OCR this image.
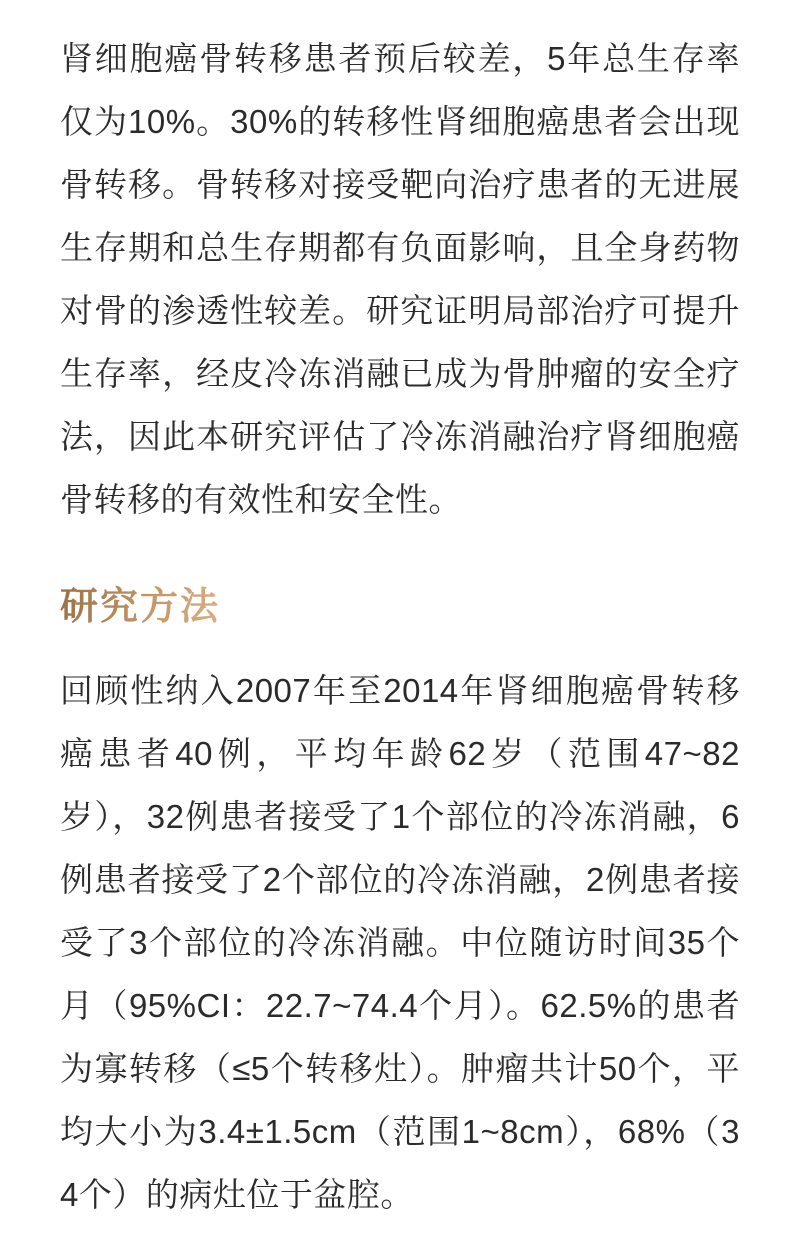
肾细胞癌骨转移患者预后较差，5年总生存率仅为10%。30%的转移性肾细胞癌患者会出现骨转移。骨转移对接受靶向治疗患者的无进展生存期和总生存期都有负面影响，且全身药物对骨的渗透性较差。研究证明局部治疗可提升生存率，经皮冷冻消融已成为骨肿瘤的安全疗法，因此本研究评估了冷冻消融治疗肾细胞癌骨转移的有效性和安全性。

研究方法

回顾性纳入2007年至2014年肾细胞癌骨转移癌患者40例，平均年龄62岁（范围47~82岁），32例患者接受了1个部位的冷冻消融，6例患者接受了2个部位的冷冻消融，2例患者接受了3个部位的冷冻消融。中位随访时间35个月（95%CI：22.7~74.4个月）。62.5%的患者为寡转移（≤5个转移灶）。肿瘤共计50个，平均大小为3.4±1.5cm（范围1~8cm），68%（34个）的病灶位于盆腔。
